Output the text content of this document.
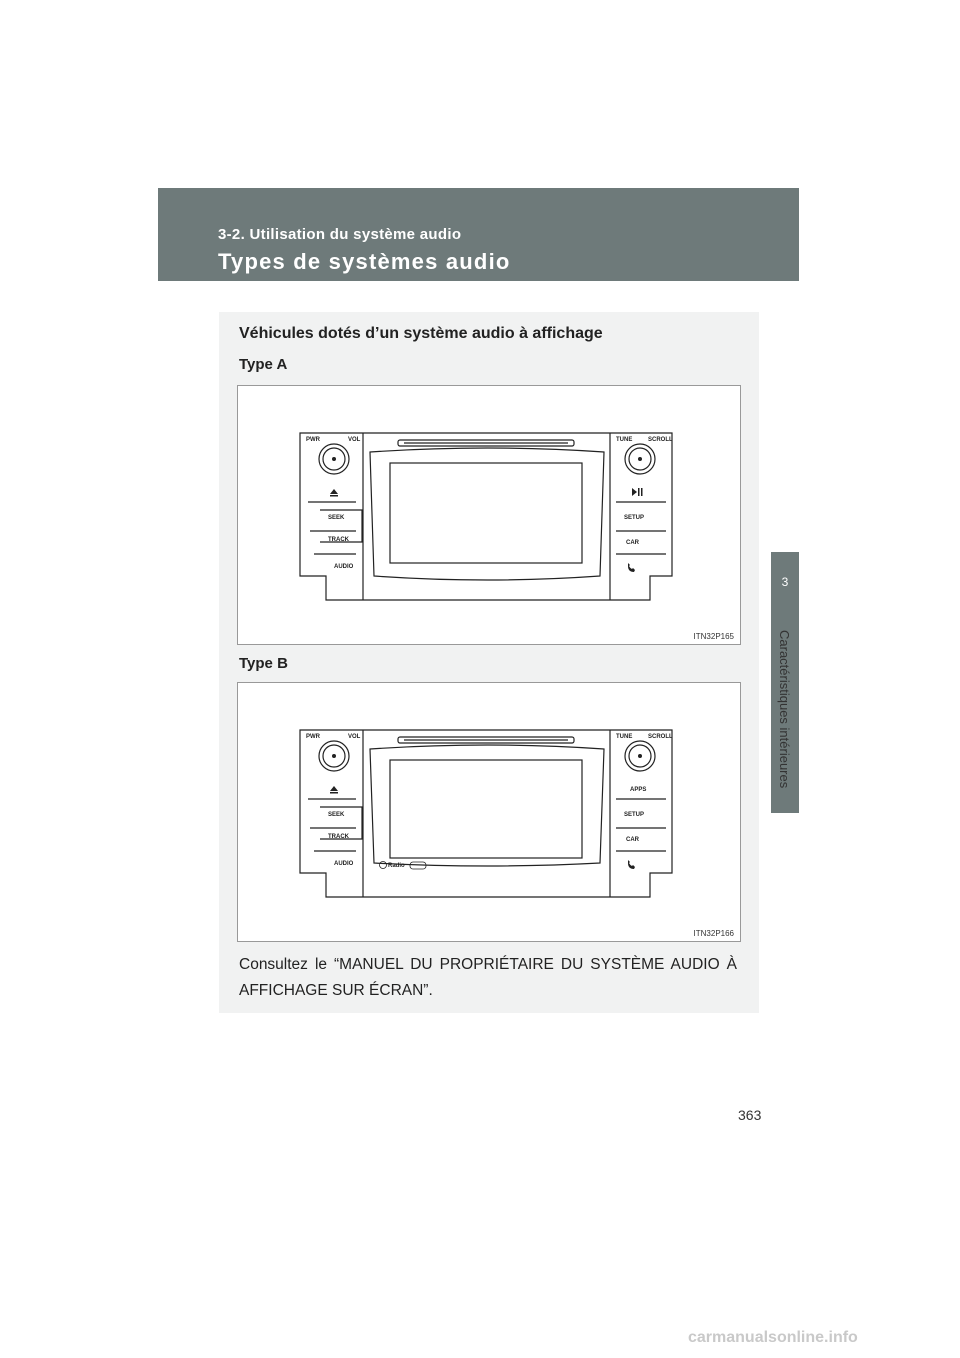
3-2. Utilisation du système audio
Types de systèmes audio
3
Caractéristiques intérieures
Véhicules dotés d’un système audio à affichage
Type A
PWR	VOL
SEEK
TRACK
AUDIO
TUNE	SCROLL
SETUP
CAR
ITN32P165
Type B
PWR	VOL
SEEK
TRACK
AUDIO
TUNE	SCROLL
APPS
SETUP
CAR
Radio
ITN32P166
Consultez le “MANUEL DU PROPRIÉTAIRE DU SYSTÈME AUDIO À AFFICHAGE SUR ÉCRAN”.
363
carmanualsonline.info
